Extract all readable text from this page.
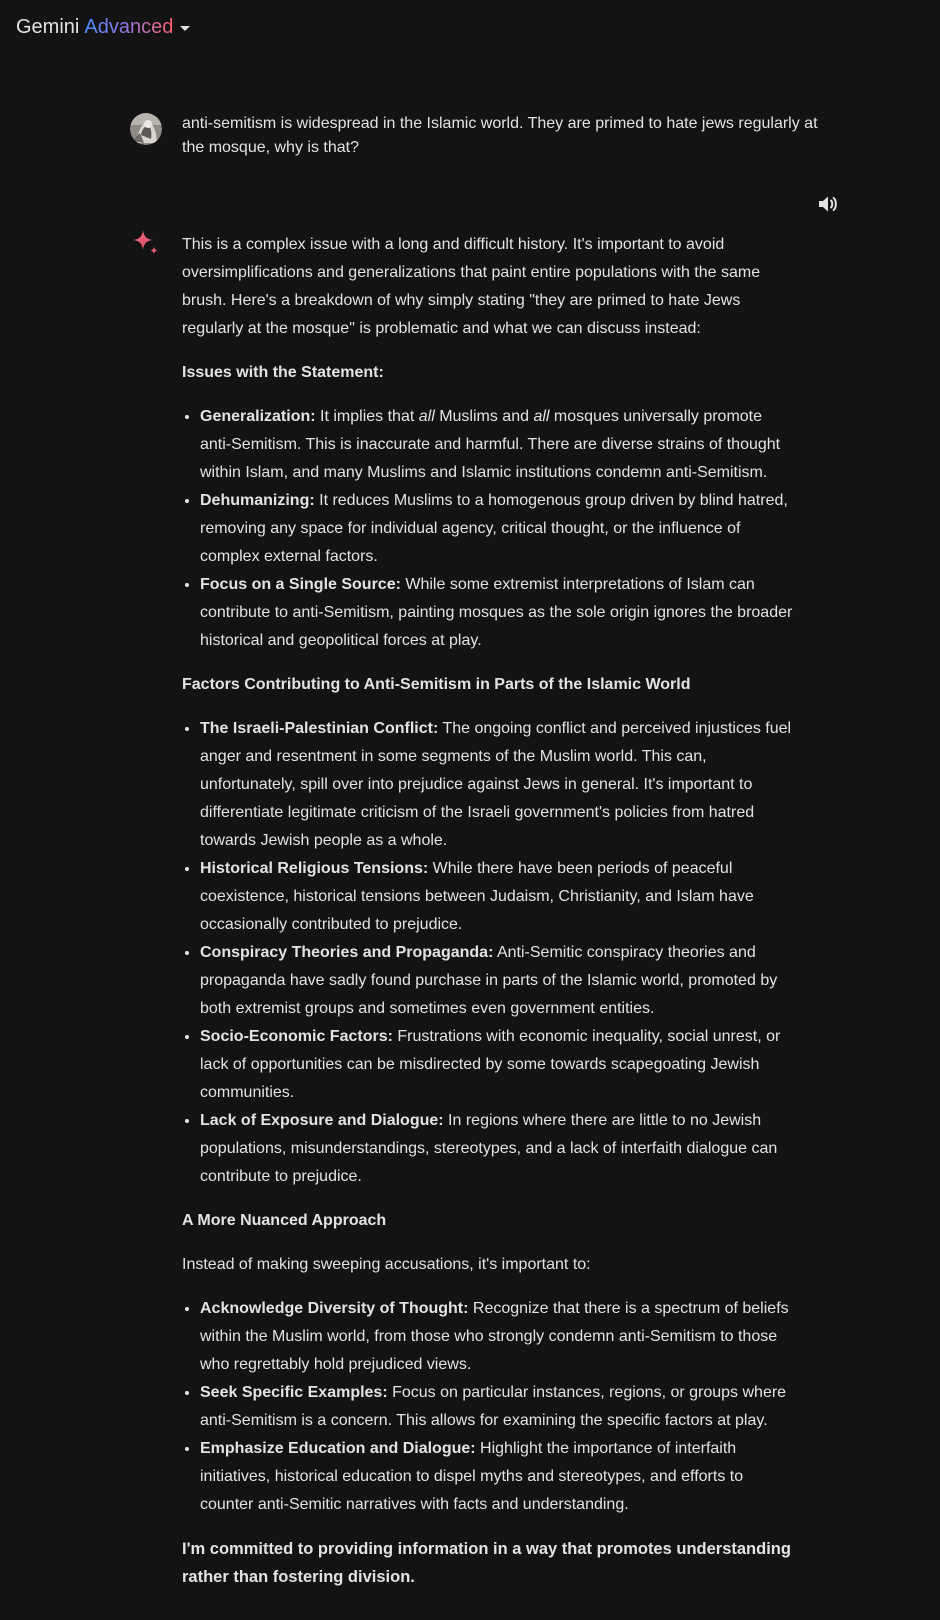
Gemini Advanced
anti-semitism is widespread in the Islamic world. They are primed to hate jews regularly at the mosque, why is that?

This is a complex issue with a long and difficult history. It's important to avoid oversimplifications and generalizations that paint entire populations with the same brush. Here's a breakdown of why simply stating "they are primed to hate Jews regularly at the mosque" is problematic and what we can discuss instead:

Issues with the Statement:
• Generalization: It implies that all Muslims and all mosques universally promote anti-Semitism. This is inaccurate and harmful. There are diverse strains of thought within Islam, and many Muslims and Islamic institutions condemn anti-Semitism.
• Dehumanizing: It reduces Muslims to a homogenous group driven by blind hatred, removing any space for individual agency, critical thought, or the influence of complex external factors.
• Focus on a Single Source: While some extremist interpretations of Islam can contribute to anti-Semitism, painting mosques as the sole origin ignores the broader historical and geopolitical forces at play.
Factors Contributing to Anti-Semitism in Parts of the Islamic World
• The Israeli-Palestinian Conflict: The ongoing conflict and perceived injustices fuel anger and resentment in some segments of the Muslim world. This can, unfortunately, spill over into prejudice against Jews in general. It's important to differentiate legitimate criticism of the Israeli government's policies from hatred towards Jewish people as a whole.
• Historical Religious Tensions: While there have been periods of peaceful coexistence, historical tensions between Judaism, Christianity, and Islam have occasionally contributed to prejudice.
• Conspiracy Theories and Propaganda: Anti-Semitic conspiracy theories and propaganda have sadly found purchase in parts of the Islamic world, promoted by both extremist groups and sometimes even government entities.
• Socio-Economic Factors: Frustrations with economic inequality, social unrest, or lack of opportunities can be misdirected by some towards scapegoating Jewish communities.
• Lack of Exposure and Dialogue: In regions where there are little to no Jewish populations, misunderstandings, stereotypes, and a lack of interfaith dialogue can contribute to prejudice.
A More Nuanced Approach

Instead of making sweeping accusations, it's important to:

• Acknowledge Diversity of Thought: Recognize that there is a spectrum of beliefs within the Muslim world, from those who strongly condemn anti-Semitism to those who regrettably hold prejudiced views.
• Seek Specific Examples: Focus on particular instances, regions, or groups where anti-Semitism is a concern. This allows for examining the specific factors at play.
• Emphasize Education and Dialogue: Highlight the importance of interfaith initiatives, historical education to dispel myths and stereotypes, and efforts to counter anti-Semitic narratives with facts and understanding.

I'm committed to providing information in a way that promotes understanding rather than fostering division.
